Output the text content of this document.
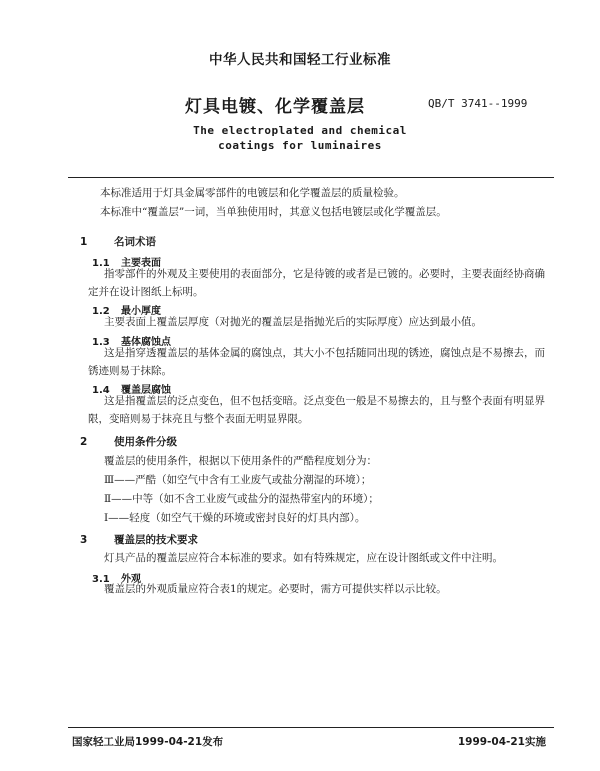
中华人民共和国轻工行业标准
灯具电镀、化学覆盖层	QB/T 3741--1999
The electroplated and chemical
coatings for luminaires
本标准适用于灯具金属零部件的电镀层和化学覆盖层的质量检验。
本标准中“覆盖层”一词，当单独使用时，其意义包括电镀层或化学覆盖层。
1	名词术语
1.1 主要表面
指零部件的外观及主要使用的表面部分，它是待镀的或者是已镀的。必要时，主要表面经协商确
定并在设计图纸上标明。
1.2 最小厚度
主要表面上覆盖层厚度（对抛光的覆盖层是指抛光后的实际厚度）应达到最小值。
1.3 基体腐蚀点
这是指穿透覆盖层的基体金属的腐蚀点，其大小不包括随同出现的锈迹，腐蚀点是不易擦去，而
锈迹则易于抹除。
1.4 覆盖层腐蚀
这是指覆盖层的泛点变色，但不包括变暗。泛点变色一般是不易擦去的，且与整个表面有明显界
限，变暗则易于抹亮且与整个表面无明显界限。
2	使用条件分级
覆盖层的使用条件，根据以下使用条件的严酷程度划分为：
Ⅲ——严酷（如空气中含有工业废气或盐分潮湿的环境）；
Ⅱ——中等（如不含工业废气或盐分的湿热带室内的环境）；
Ⅰ——轻度（如空气干燥的环境或密封良好的灯具内部）。
3	覆盖层的技术要求
灯具产品的覆盖层应符合本标准的要求。如有特殊规定，应在设计图纸或文件中注明。
3.1 外观
覆盖层的外观质量应符合表1的规定。必要时，需方可提供实样以示比较。
国家轻工业局1999-04-21发布	1999-04-21实施
